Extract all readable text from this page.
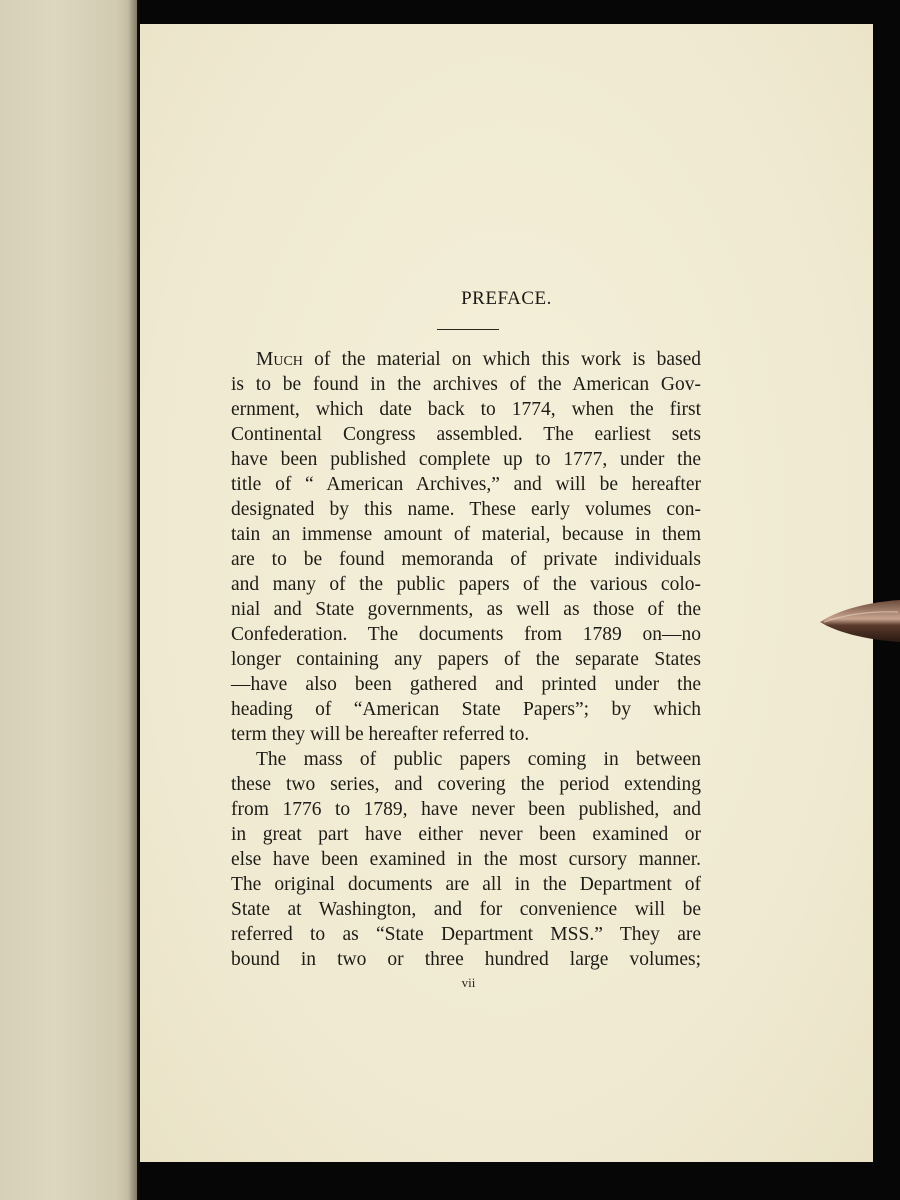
PREFACE.
Much of the material on which this work is based
is to be found in the archives of the American Gov-
ernment, which date back to 1774, when the first
Continental Congress assembled. The earliest sets
have been published complete up to 1777, under the
title of “ American Archives,” and will be hereafter
designated by this name. These early volumes con-
tain an immense amount of material, because in them
are to be found memoranda of private individuals
and many of the public papers of the various colo-
nial and State governments, as well as those of the
Confederation. The documents from 1789 on—no
longer containing any papers of the separate States
—have also been gathered and printed under the
heading of “American State Papers”; by which
term they will be hereafter referred to.
The mass of public papers coming in between
these two series, and covering the period extending
from 1776 to 1789, have never been published, and
in great part have either never been examined or
else have been examined in the most cursory manner.
The original documents are all in the Department of
State at Washington, and for convenience will be
referred to as “State Department MSS.” They are
bound in two or three hundred large volumes;
vii
